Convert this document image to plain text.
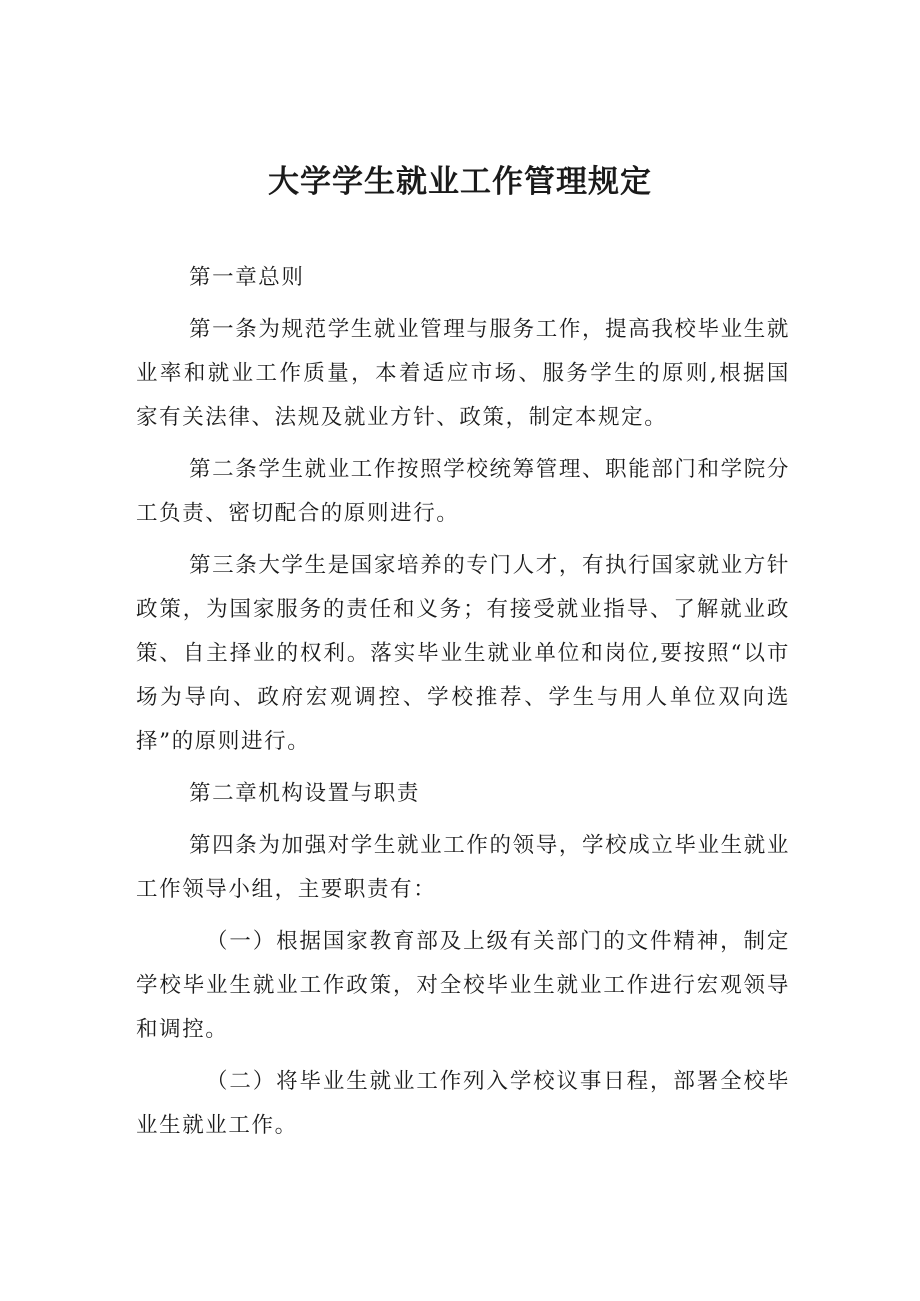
大学学生就业工作管理规定

第一章总则

第一条为规范学生就业管理与服务工作，提高我校毕业生就业率和就业工作质量，本着适应市场、服务学生的原则,根据国家有关法律、法规及就业方针、政策，制定本规定。

第二条学生就业工作按照学校统筹管理、职能部门和学院分工负责、密切配合的原则进行。

第三条大学生是国家培养的专门人才，有执行国家就业方针政策，为国家服务的责任和义务；有接受就业指导、了解就业政策、自主择业的权利。落实毕业生就业单位和岗位,要按照“以市场为导向、政府宏观调控、学校推荐、学生与用人单位双向选择”的原则进行。

第二章机构设置与职责

第四条为加强对学生就业工作的领导，学校成立毕业生就业工作领导小组，主要职责有：

（一）根据国家教育部及上级有关部门的文件精神，制定学校毕业生就业工作政策，对全校毕业生就业工作进行宏观领导和调控。

（二）将毕业生就业工作列入学校议事日程，部署全校毕业生就业工作。
